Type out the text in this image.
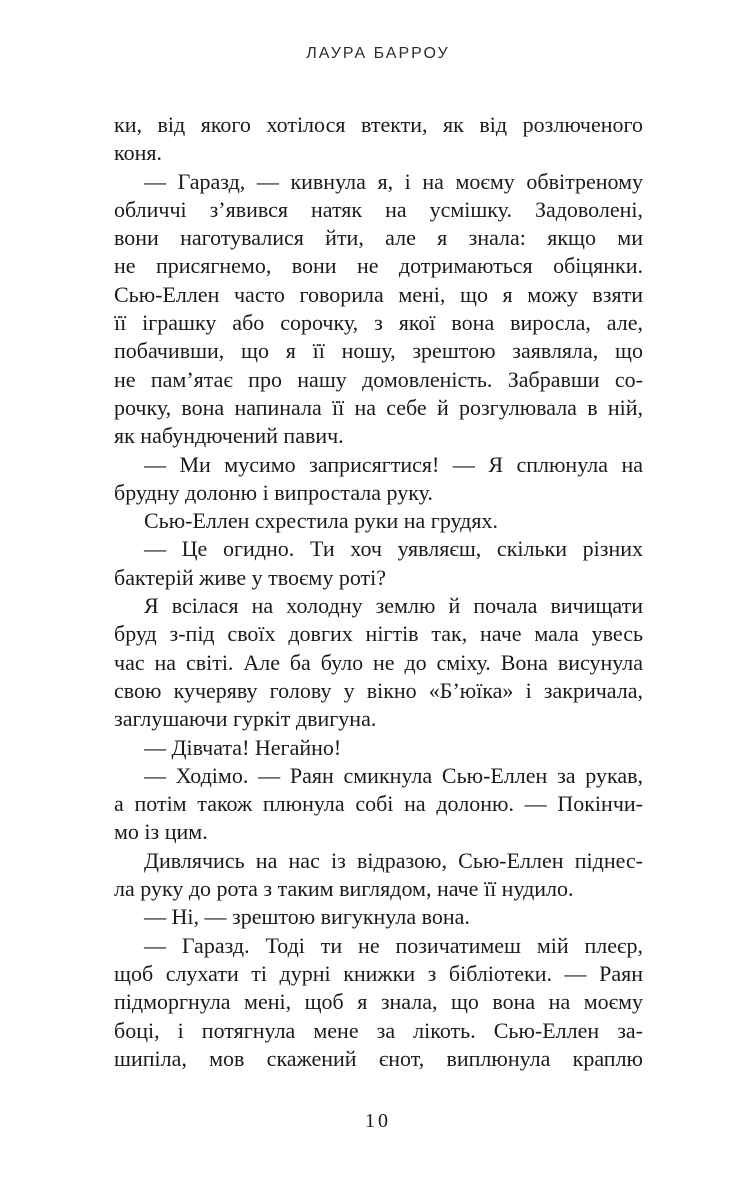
ЛАУРА БАРРОУ
ки, від якого хотілося втекти, як від розлюченого
коня.
— Гаразд, — кивнула я, і на моєму обвітреному
обличчі з’явився натяк на усмішку. Задоволені,
вони наготувалися йти, але я знала: якщо ми
не присягнемо, вони не дотримаються обіцянки.
Сью-Еллен часто говорила мені, що я можу взяти
її іграшку або сорочку, з якої вона виросла, але,
побачивши, що я її ношу, зрештою заявляла, що
не пам’ятає про нашу домовленість. Забравши со-
рочку, вона напинала її на себе й розгулювала в ній,
як набундючений павич.
— Ми мусимо заприсягтися! — Я сплюнула на
брудну долоню і випростала руку.
Сью-Еллен схрестила руки на грудях.
— Це огидно. Ти хоч уявляєш, скільки різних
бактерій живе у твоєму роті?
Я всілася на холодну землю й почала вичищати
бруд з-під своїх довгих нігтів так, наче мала увесь
час на світі. Але ба було не до сміху. Вона висунула
свою кучеряву голову у вікно «Б’юїка» і закричала,
заглушаючи гуркіт двигуна.
— Дівчата! Негайно!
— Ходімо. — Раян смикнула Сью-Еллен за рукав,
а потім також плюнула собі на долоню. — Покінчи-
мо із цим.
Дивлячись на нас із відразою, Сью-Еллен піднес-
ла руку до рота з таким виглядом, наче її нудило.
— Ні, — зрештою вигукнула вона.
— Гаразд. Тоді ти не позичатимеш мій плеєр,
щоб слухати ті дурні книжки з бібліотеки. — Раян
підморгнула мені, щоб я знала, що вона на моєму
боці, і потягнула мене за лікоть. Сью-Еллен за-
шипіла, мов скажений єнот, виплюнула краплю
10
